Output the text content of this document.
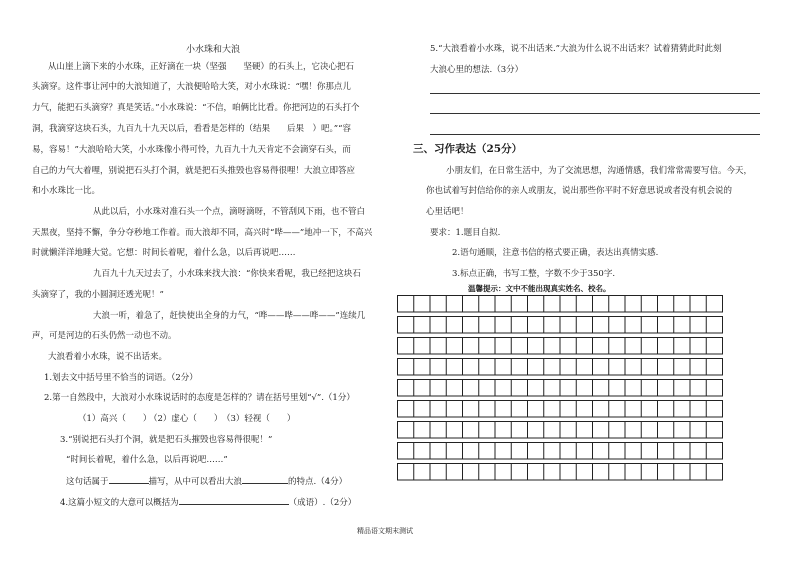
小水珠和大浪
从山崖上滴下来的小水珠，正好滴在一块（坚强　　坚硬）的石头上，它决心把石
头滴穿。这件事让河中的大浪知道了，大浪便哈哈大笑，对小水珠说：“嘿！你那点儿
力气，能把石头滴穿？真是笑话。”小水珠说：“不信，咱俩比比看。你把河边的石头打个
洞，我滴穿这块石头，九百九十九天以后，看看是怎样的（结果　　后果　）吧。”“容
易，容易！”大浪哈哈大笑，小水珠像小得可怜，九百九十九天肯定不会滴穿石头，而
自己的力气大着哩，别说把石头打个洞，就是把石头推毁也容易得很哩！大浪立即答应
和小水珠比一比。
从此以后，小水珠对准石头一个点，滴呀滴呀，不管刮风下雨，也不管白
天黑夜，坚持不懈，争分夺秒地工作着。而大浪却不同，高兴时“哗——”地冲一下，不高兴
时就懒洋洋地睡大觉。它想：时间长着呢，着什么急，以后再说吧……
九百九十九天过去了，小水珠来找大浪：“你快来看呢，我已经把这块石
头滴穿了，我的小圆洞还透光呢！”
大浪一听，着急了，赶快使出全身的力气，“哗——哗——哗——”连续几
声，可是河边的石头仍然一动也不动。
大浪看着小水珠，说不出话来。
1.划去文中括号里不恰当的词语。（2分）
2.第一自然段中，大浪对小水珠说话时的态度是怎样的？请在括号里划“√”.（1分）
（1）高兴（　　）
（2）虚心（　　） （3）轻视（　　）
3.“别说把石头打个洞，就是把石头摧毁也容易得很呢！”
“时间长着呢，着什么急，以后再说吧……”
这句话属于	描写，从中可以看出大浪	的特点.（4分）
4.这篇小短文的大意可以概括为	（成语）.（2分）
5.“大浪看着小水珠，说不出话来.”大浪为什么说不出话来？试着猜猜此时此刻
大浪心里的想法.（3分）
三、习作表达（25分）
小朋友们，在日常生活中，为了交流思想，沟通情感，我们常常需要写信。今天，
你也试着写封信给你的亲人或朋友，说出那些你平时不好意思说或者没有机会说的
心里话吧！
要求：1.题目自拟.
2.语句通顺，注意书信的格式要正确，表达出真情实感.
3.标点正确，书写工整，字数不少于350字.
温馨提示：文中不能出现真实姓名、校名。
精品语文期末测试
